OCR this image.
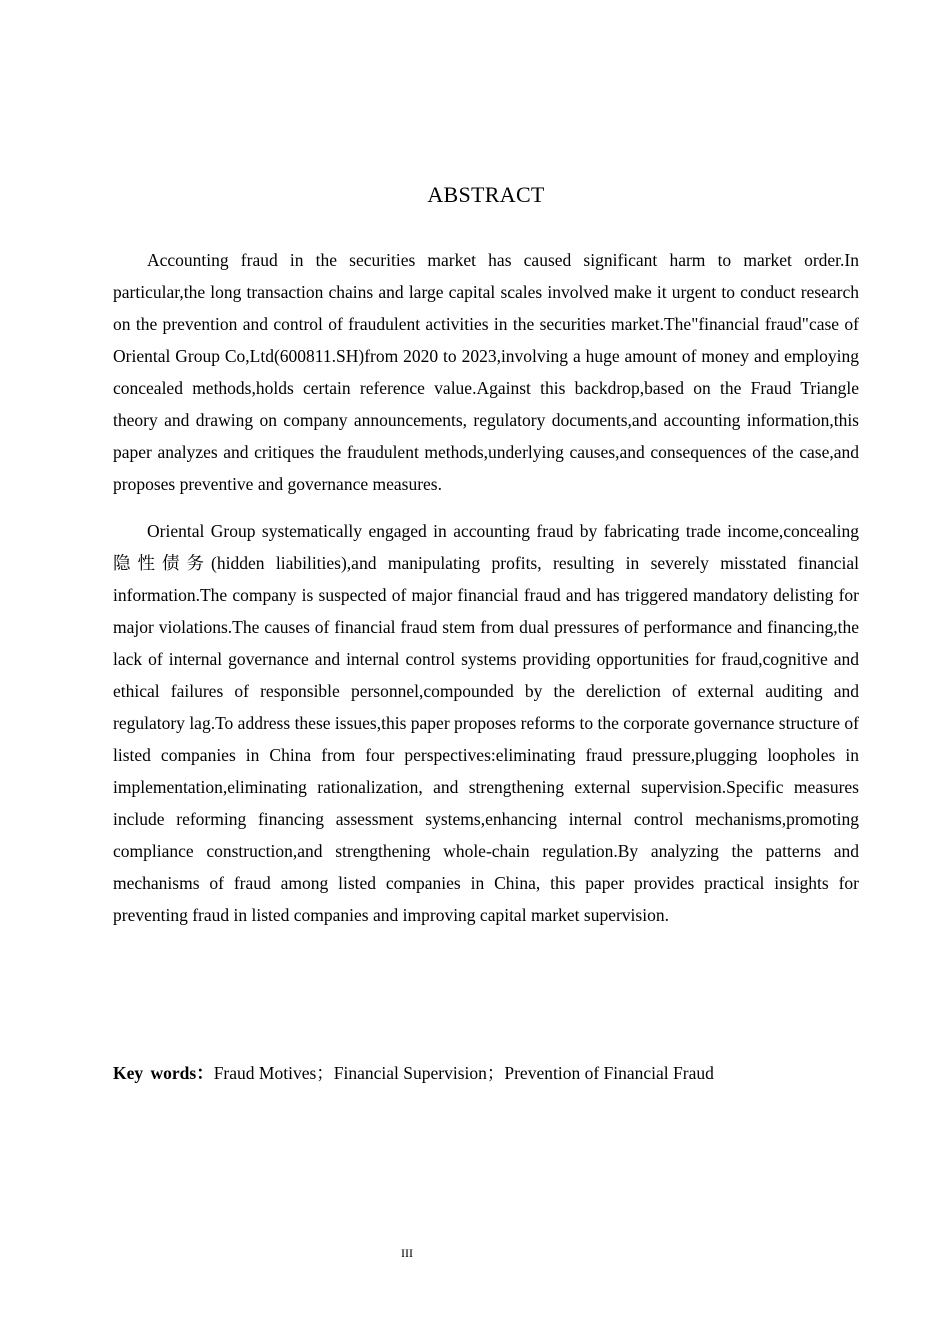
ABSTRACT

Accounting fraud in the securities market has caused significant harm to market order.In particular,the long transaction chains and large capital scales involved make it urgent to conduct research on the prevention and control of fraudulent activities in the securities market.The"financial fraud"case of Oriental Group Co,Ltd(600811.SH)from 2020 to 2023,involving a huge amount of money and employing concealed methods,holds certain reference value.Against this backdrop,based on the Fraud Triangle theory and drawing on company announcements, regulatory documents,and accounting information,this paper analyzes and critiques the fraudulent methods,underlying causes,and consequences of the case,and proposes preventive and governance measures.

Oriental Group systematically engaged in accounting fraud by fabricating trade income,concealing 隐性债务(hidden liabilities),and manipulating profits, resulting in severely misstated financial information.The company is suspected of major financial fraud and has triggered mandatory delisting for major violations.The causes of financial fraud stem from dual pressures of performance and financing,the lack of internal governance and internal control systems providing opportunities for fraud,cognitive and ethical failures of responsible personnel,compounded by the dereliction of external auditing and regulatory lag.To address these issues,this paper proposes reforms to the corporate governance structure of listed companies in China from four perspectives:eliminating fraud pressure,plugging loopholes in implementation,eliminating rationalization, and strengthening external supervision.Specific measures include reforming financing assessment systems,enhancing internal control mechanisms,promoting compliance construction,and strengthening whole-chain regulation.By analyzing the patterns and mechanisms of fraud among listed companies in China, this paper provides practical insights for preventing fraud in listed companies and improving capital market supervision.

Key words：Fraud Motives；Financial Supervision；Prevention of Financial Fraud
III
